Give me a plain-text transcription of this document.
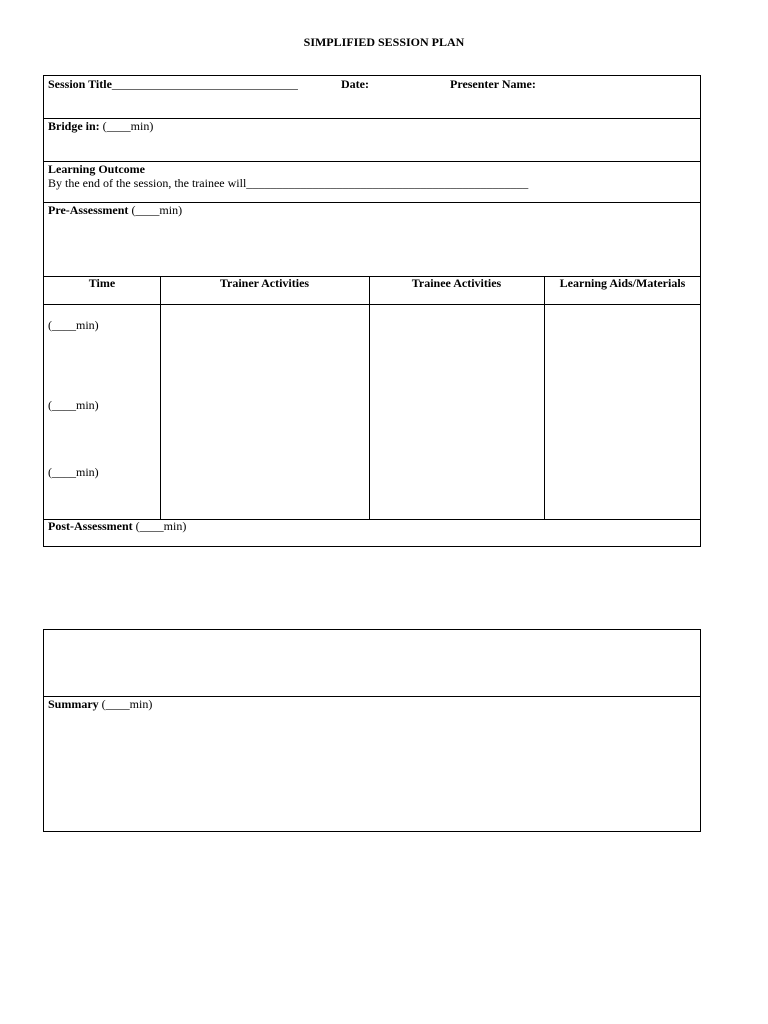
SIMPLIFIED SESSION PLAN
Session Title_______________________________	Date:	Presenter Name:
Bridge in: (____min)
Learning Outcome
By the end of the session, the trainee will_______________________________________________
Pre-Assessment (____min)
Time	Trainer Activities	Trainee Activities	Learning Aids/Materials
(____min)
(____min)
(____min)
Post-Assessment (____min)
Summary (____min)
